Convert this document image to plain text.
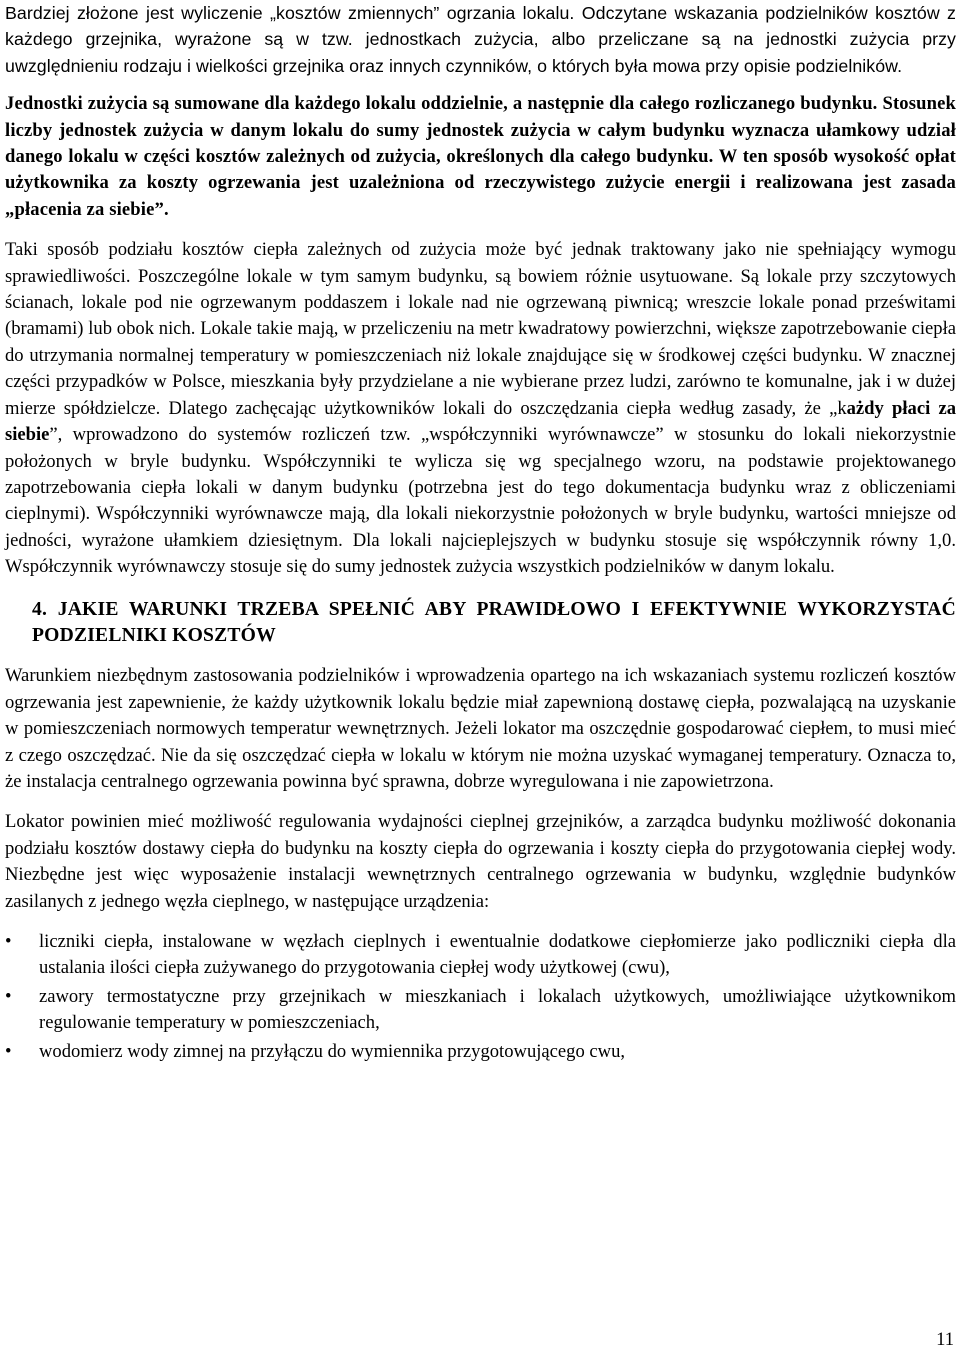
Bardziej złożone jest wyliczenie „kosztów zmiennych” ogrzania lokalu. Odczytane wskazania podzielników kosztów z każdego grzejnika, wyrażone są w tzw. jednostkach zużycia, albo przeliczane są na jednostki zużycia przy uwzględnieniu rodzaju i wielkości grzejnika oraz innych czynników, o których była mowa przy opisie podzielników.

Jednostki zużycia są sumowane dla każdego lokalu oddzielnie, a następnie dla całego rozliczanego budynku. Stosunek liczby jednostek zużycia w danym lokalu do sumy jednostek zużycia w całym budynku wyznacza ułamkowy udział danego lokalu w części kosztów zależnych od zużycia, określonych dla całego budynku. W ten sposób wysokość opłat użytkownika za koszty ogrzewania jest uzależniona od rzeczywistego zużycie energii i realizowana jest zasada „płacenia za siebie”.

Taki sposób podziału kosztów ciepła zależnych od zużycia może być jednak traktowany jako nie spełniający wymogu sprawiedliwości. Poszczególne lokale w tym samym budynku, są bowiem różnie usytuowane. Są lokale przy szczytowych ścianach, lokale pod nie ogrzewanym poddaszem i lokale nad nie ogrzewaną piwnicą; wreszcie lokale ponad prześwitami (bramami) lub obok nich. Lokale takie mają, w przeliczeniu na metr kwadratowy powierzchni, większe zapotrzebowanie ciepła do utrzymania normalnej temperatury w pomieszczeniach niż lokale znajdujące się w środkowej części budynku. W znacznej części przypadków w Polsce, mieszkania były przydzielane a nie wybierane przez ludzi, zarówno te komunalne, jak i w dużej mierze spółdzielcze. Dlatego zachęcając użytkowników lokali do oszczędzania ciepła według zasady, że „każdy płaci za siebie”, wprowadzono do systemów rozliczeń tzw. „współczynniki wyrównawcze” w stosunku do lokali niekorzystnie położonych w bryle budynku. Współczynniki te wylicza się wg specjalnego wzoru, na podstawie projektowanego zapotrzebowania ciepła lokali w danym budynku (potrzebna jest do tego dokumentacja budynku wraz z obliczeniami cieplnymi). Współczynniki wyrównawcze mają, dla lokali niekorzystnie położonych w bryle budynku, wartości mniejsze od jedności, wyrażone ułamkiem dziesiętnym. Dla lokali najcieplejszych w budynku stosuje się współczynnik równy 1,0. Współczynnik wyrównawczy stosuje się do sumy jednostek zużycia wszystkich podzielników w danym lokalu.

4. JAKIE WARUNKI TRZEBA SPEŁNIĆ ABY PRAWIDŁOWO I EFEKTYWNIE WYKORZYSTAĆ PODZIELNIKI KOSZTÓW

Warunkiem niezbędnym zastosowania podzielników i wprowadzenia opartego na ich wskazaniach systemu rozliczeń kosztów ogrzewania jest zapewnienie, że każdy użytkownik lokalu będzie miał zapewnioną dostawę ciepła, pozwalającą na uzyskanie w pomieszczeniach normowych temperatur wewnętrznych. Jeżeli lokator ma oszczędnie gospodarować ciepłem, to musi mieć z czego oszczędzać. Nie da się oszczędzać ciepła w lokalu w którym nie można uzyskać wymaganej temperatury. Oznacza to, że instalacja centralnego ogrzewania powinna być sprawna, dobrze wyregulowana i nie zapowietrzona.

Lokator powinien mieć możliwość regulowania wydajności cieplnej grzejników, a zarządca budynku możliwość dokonania podziału kosztów dostawy ciepła do budynku na koszty ciepła do ogrzewania i koszty ciepła do przygotowania ciepłej wody. Niezbędne jest więc wyposażenie instalacji wewnętrznych centralnego ogrzewania w budynku, względnie budynków zasilanych z jednego węzła cieplnego, w następujące urządzenia:

• liczniki ciepła, instalowane w węzłach cieplnych i ewentualnie dodatkowe ciepłomierze jako podliczniki ciepła dla ustalania ilości ciepła zużywanego do przygotowania ciepłej wody użytkowej (cwu),
• zawory termostatyczne przy grzejnikach w mieszkaniach i lokalach użytkowych, umożliwiające użytkownikom regulowanie temperatury w pomieszczeniach,
• wodomierz wody zimnej na przyłączu do wymiennika przygotowującego cwu,
11
